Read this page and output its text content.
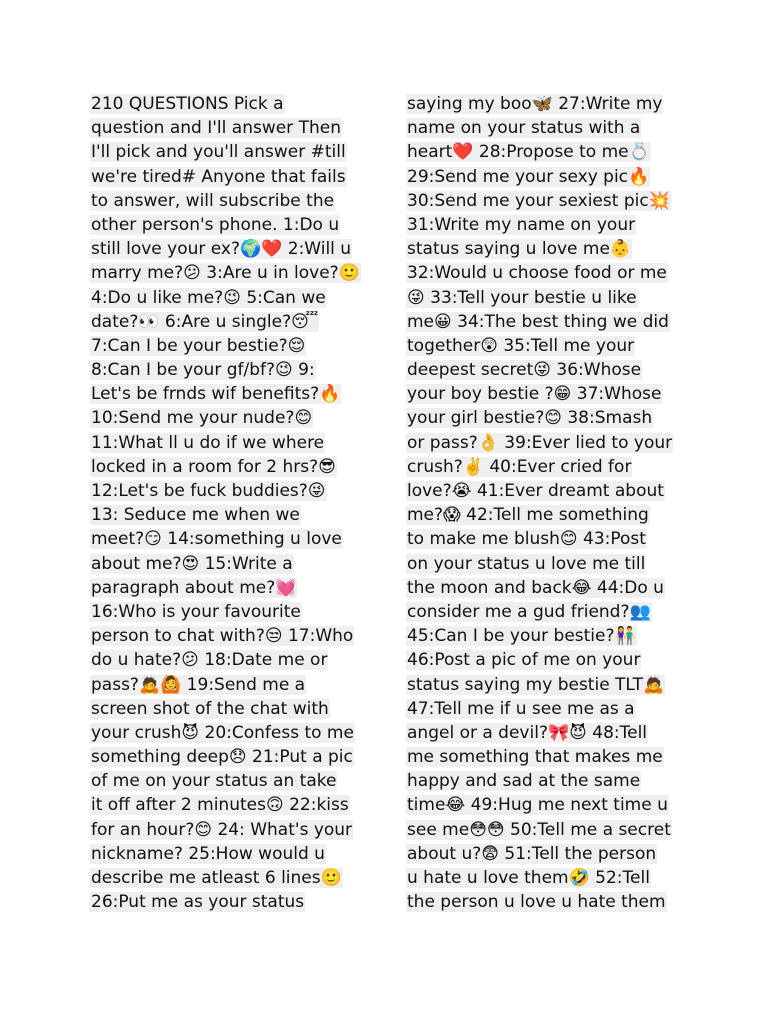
210 QUESTIONS Pick a
question and I'll answer Then
I'll pick and you'll answer #till
we're tired# Anyone that fails
to answer, will subscribe the
other person's phone. 1:Do u
still love your ex?🌍❤️ 2:Will u
marry me?😕 3:Are u in love?🙂
4:Do u like me?😉 5:Can we
date?👀 6:Are u single?😴
7:Can I be your bestie?😌
8:Can I be your gf/bf?😉 9:
Let's be frnds wif benefits?🔥
10:Send me your nude?😊
11:What ll u do if we where
locked in a room for 2 hrs?😎
12:Let's be fuck buddies?😜
13: Seduce me when we
meet?😏 14:something u love
about me?😍 15:Write a
paragraph about me?💓
16:Who is your favourite
person to chat with?😒 17:Who
do u hate?😕 18:Date me or
pass?🙇🙆 19:Send me a
screen shot of the chat with
your crush😈 20:Confess to me
something deep😞 21:Put a pic
of me on your status an take
it off after 2 minutes🙃 22:kiss
for an hour?😊 24: What's your
nickname? 25:How would u
describe me atleast 6 lines🙂
26:Put me as your status
saying my boo🦋 27:Write my
name on your status with a
heart❤️ 28:Propose to me💍
29:Send me your sexy pic🔥
30:Send me your sexiest pic💥
31:Write my name on your
status saying u love me👶
32:Would u choose food or me
😜 33:Tell your bestie u like
me😀 34:The best thing we did
together😲 35:Tell me your
deepest secret😜 36:Whose
your boy bestie ?😁 37:Whose
your girl bestie?😊 38:Smash
or pass?👌 39:Ever lied to your
crush?✌️ 40:Ever cried for
love?😭 41:Ever dreamt about
me?😱 42:Tell me something
to make me blush😊 43:Post
on your status u love me till
the moon and back😂 44:Do u
consider me a gud friend?👥
45:Can I be your bestie?👫
46:Post a pic of me on your
status saying my bestie TLT🙇
47:Tell me if u see me as a
angel or a devil?🎀😈 48:Tell
me something that makes me
happy and sad at the same
time😂 49:Hug me next time u
see me😳😳 50:Tell me a secret
about u?😨 51:Tell the person
u hate u love them🤣 52:Tell
the person u love u hate them
